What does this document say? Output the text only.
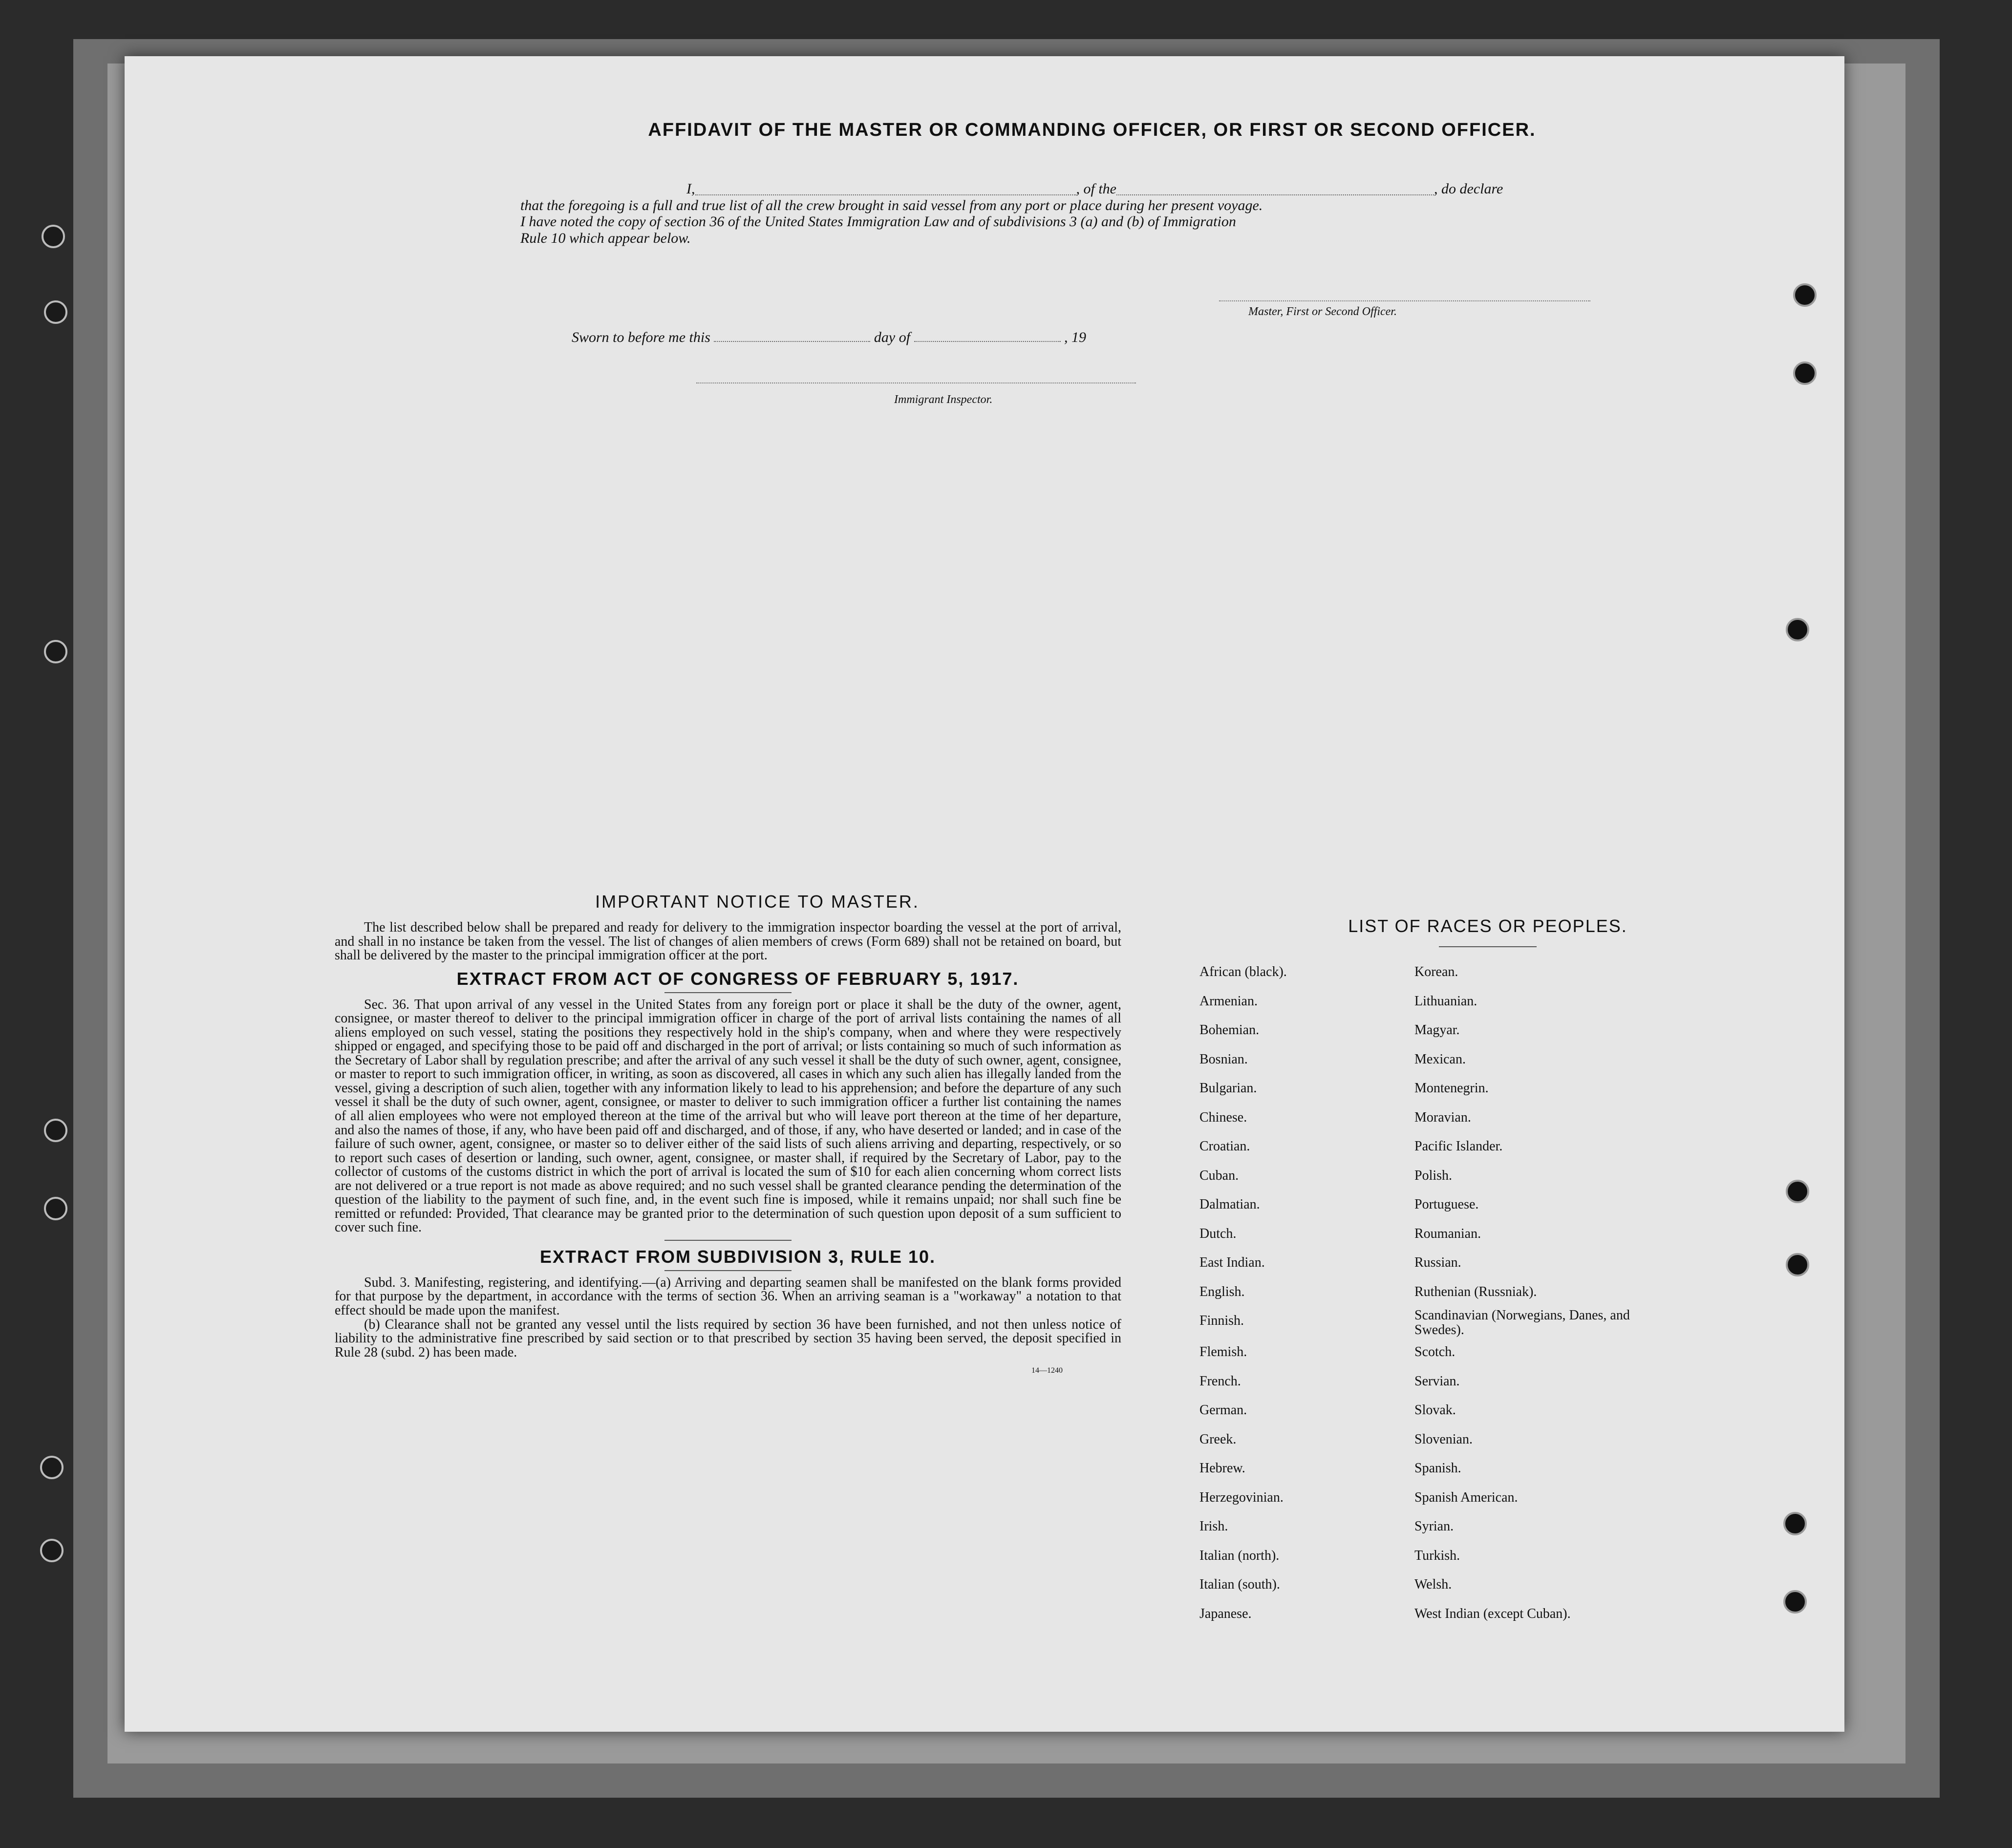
AFFIDAVIT OF THE MASTER OR COMMANDING OFFICER, OR FIRST OR SECOND OFFICER.
I,	, of the	, do declare
that the foregoing is a full and true list of all the crew brought in said vessel from any port or place during her present voyage.
I have noted the copy of section 36 of the United States Immigration Law and of subdivisions 3 (a) and (b) of Immigration
Rule 10 which appear below.
Master, First or Second Officer.
Sworn to before me this	day of	, 19
Immigrant Inspector.
IMPORTANT NOTICE TO MASTER.

The list described below shall be prepared and ready for delivery to the immigration inspector boarding the vessel at the port of arrival, and shall in no instance be taken from the vessel. The list of changes of alien members of crews (Form 689) shall not be retained on board, but shall be delivered by the master to the principal immigration officer at the port.

EXTRACT FROM ACT OF CONGRESS OF FEBRUARY 5, 1917.

Sec. 36. That upon arrival of any vessel in the United States from any foreign port or place it shall be the duty of the owner, agent, consignee, or master thereof to deliver to the principal immigration officer in charge of the port of arrival lists containing the names of all aliens employed on such vessel, stating the positions they respectively hold in the ship's company, when and where they were respectively shipped or engaged, and specifying those to be paid off and discharged in the port of arrival; or lists containing so much of such information as the Secretary of Labor shall by regulation prescribe; and after the arrival of any such vessel it shall be the duty of such owner, agent, consignee, or master to report to such immigration officer, in writing, as soon as discovered, all cases in which any such alien has illegally landed from the vessel, giving a description of such alien, together with any information likely to lead to his apprehension; and before the departure of any such vessel it shall be the duty of such owner, agent, consignee, or master to deliver to such immigration officer a further list containing the names of all alien employees who were not employed thereon at the time of the arrival but who will leave port thereon at the time of her departure, and also the names of those, if any, who have been paid off and discharged, and of those, if any, who have deserted or landed; and in case of the failure of such owner, agent, consignee, or master so to deliver either of the said lists of such aliens arriving and departing, respectively, or so to report such cases of desertion or landing, such owner, agent, consignee, or master shall, if required by the Secretary of Labor, pay to the collector of customs of the customs district in which the port of arrival is located the sum of $10 for each alien concerning whom correct lists are not delivered or a true report is not made as above required; and no such vessel shall be granted clearance pending the determination of the question of the liability to the payment of such fine, and, in the event such fine is imposed, while it remains unpaid; nor shall such fine be remitted or refunded: Provided, That clearance may be granted prior to the determination of such question upon deposit of a sum sufficient to cover such fine.

EXTRACT FROM SUBDIVISION 3, RULE 10.

Subd. 3. Manifesting, registering, and identifying.—(a) Arriving and departing seamen shall be manifested on the blank forms provided for that purpose by the department, in accordance with the terms of section 36. When an arriving seaman is a "workaway" a notation to that effect should be made upon the manifest.

(b) Clearance shall not be granted any vessel until the lists required by section 36 have been furnished, and not then unless notice of liability to the administrative fine prescribed by said section or to that prescribed by section 35 having been served, the deposit specified in Rule 28 (subd. 2) has been made.

14—1240
LIST OF RACES OR PEOPLES.
African (black).	Korean.
Armenian.	Lithuanian.
Bohemian.	Magyar.
Bosnian.	Mexican.
Bulgarian.	Montenegrin.
Chinese.	Moravian.
Croatian.	Pacific Islander.
Cuban.	Polish.
Dalmatian.	Portuguese.
Dutch.	Roumanian.
East Indian.	Russian.
English.	Ruthenian (Russniak).
Finnish.	Scandinavian (Norwegians, Danes, and Swedes).
Flemish.	Scotch.
French.	Servian.
German.	Slovak.
Greek.	Slovenian.
Hebrew.	Spanish.
Herzegovinian.	Spanish American.
Irish.	Syrian.
Italian (north).	Turkish.
Italian (south).	Welsh.
Japanese.	West Indian (except Cuban).
